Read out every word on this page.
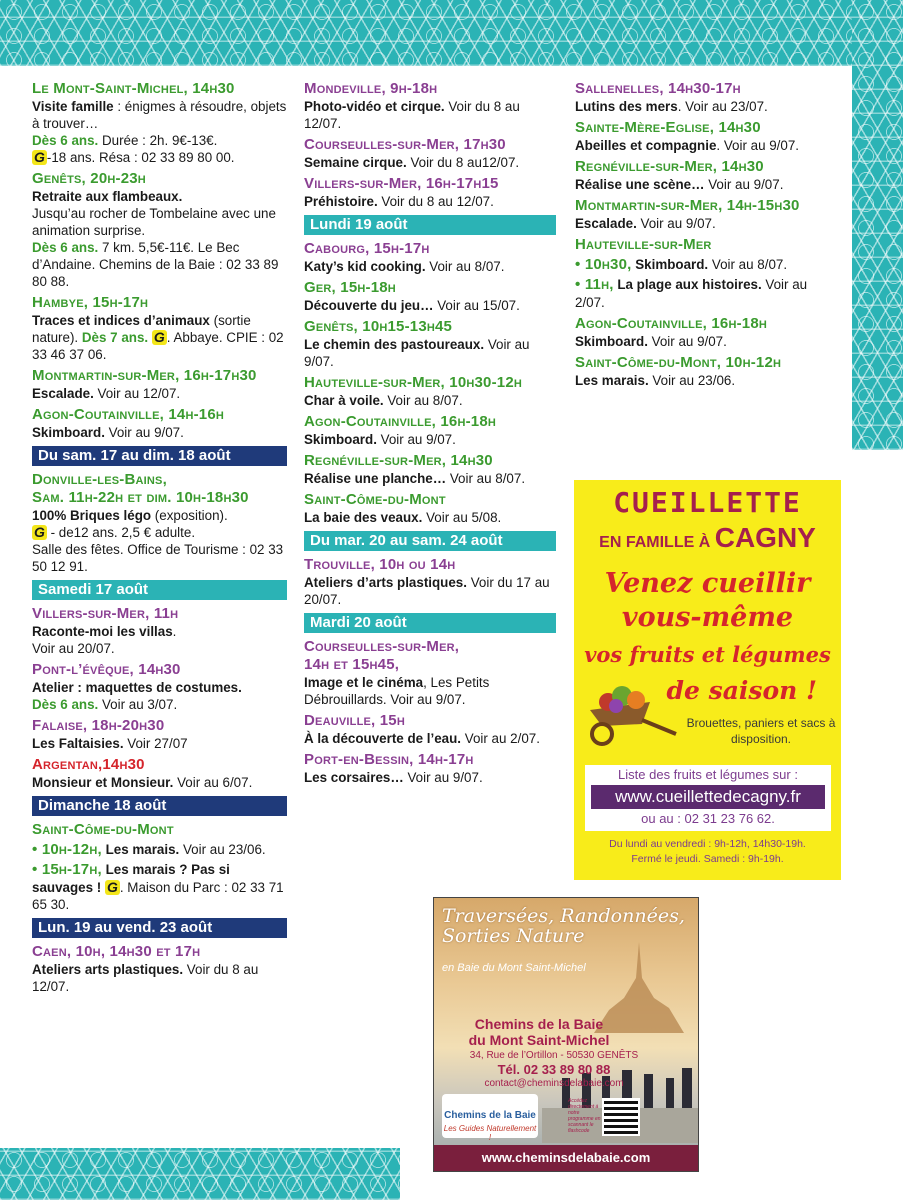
Le Mont-Saint-Michel, 14h30
Visite famille : énigmes à résoudre, objets à trouver…
Dès 6 ans. Durée : 2h. 9€-13€.
G -18 ans. Résa : 02 33 89 80 00.
Genêts, 20h-23h
Retraite aux flambeaux.
Jusqu’au rocher de Tombelaine avec une animation surprise.
Dès 6 ans. 7 km. 5,5€-11€. Le Bec d’Andaine. Chemins de la Baie : 02 33 89 80 88.
Hambye, 15h-17h
Traces et indices d’animaux (sortie nature). Dès 7 ans. G . Abbaye. CPIE : 02 33 46 37 06.
Montmartin-sur-Mer, 16h-17h30
Escalade. Voir au 12/07.
Agon-Coutainville, 14h-16h
Skimboard. Voir au 9/07.
Du sam. 17 au dim. 18 août
Donville-les-Bains,
Sam. 11h-22h et dim. 10h-18h30
100% Briques légo (exposition).
G - de12 ans. 2,5 € adulte.
Salle des fêtes. Office de Tourisme : 02 33 50 12 91.
Samedi 17 août
Villers-sur-Mer, 11h
Raconte-moi les villas.
Voir au 20/07.
Pont-l’évêque, 14h30
Atelier : maquettes de costumes.
Dès 6 ans. Voir au 3/07.
Falaise, 18h-20h30
Les Faltaisies. Voir 27/07
Argentan,14h30
Monsieur et Monsieur. Voir au 6/07.
Dimanche 18 août
Saint-Côme-du-Mont
• 10h-12h, Les marais. Voir au 23/06.
• 15h-17h, Les marais ? Pas si sauvages ! G . Maison du Parc : 02 33 71 65 30.
Lun. 19 au vend. 23 août
Caen, 10h, 14h30 et 17h
Ateliers arts plastiques. Voir du 8 au 12/07.
Mondeville, 9h-18h
Photo-vidéo et cirque. Voir du 8 au 12/07.
Courseulles-sur-Mer, 17h30
Semaine cirque. Voir du 8 au12/07.
Villers-sur-Mer, 16h-17h15
Préhistoire. Voir du 8 au 12/07.
Lundi 19 août
Cabourg, 15h-17h
Katy’s kid cooking. Voir au 8/07.
Ger, 15h-18h
Découverte du jeu… Voir au 15/07.
Genêts, 10h15-13h45
Le chemin des pastoureaux. Voir au 9/07.
Hauteville-sur-Mer, 10h30-12h
Char à voile. Voir au 8/07.
Agon-Coutainville, 16h-18h
Skimboard. Voir au 9/07.
Regnéville-sur-Mer, 14h30
Réalise une planche… Voir au 8/07.
Saint-Côme-du-Mont
La baie des veaux. Voir au 5/08.
Du mar. 20 au sam. 24 août
Trouville, 10h ou 14h
Ateliers d’arts plastiques. Voir du 17 au 20/07.
Mardi 20 août
Courseulles-sur-Mer,
14h et 15h45,
Image et le cinéma, Les Petits Débrouillards. Voir au 9/07.
Deauville, 15h
À la découverte de l’eau. Voir au 2/07.
Port-en-Bessin, 14h-17h
Les corsaires… Voir au 9/07.
Sallenelles, 14h30-17h
Lutins des mers. Voir au 23/07.
Sainte-Mère-Eglise, 14h30
Abeilles et compagnie. Voir au 9/07.
Regnéville-sur-Mer, 14h30
Réalise une scène… Voir au 9/07.
Montmartin-sur-Mer, 14h-15h30
Escalade. Voir au 9/07.
Hauteville-sur-Mer
• 10h30, Skimboard. Voir au 8/07.
• 11h, La plage aux histoires. Voir au 2/07.
Agon-Coutainville, 16h-18h
Skimboard. Voir au 9/07.
Saint-Côme-du-Mont, 10h-12h
Les marais. Voir au 23/06.
CUEILLETTE
EN FAMILLE À CAGNY
Venez cueillir
vous-même
vos fruits et légumes
de saison !
Brouettes, paniers et sacs à disposition.
Liste des fruits et légumes sur :
www.cueillettedecagny.fr
ou au : 02 31 23 76 62.
Du lundi au vendredi : 9h-12h, 14h30-19h.
Fermé le jeudi. Samedi : 9h-19h.
Traversées, Randonnées,
Sorties Nature
en Baie du Mont Saint-Michel
Chemins de la Baie
du Mont Saint-Michel
34, Rue de l’Ortillon - 50530 GENÊTS
Tél. 02 33 89 80 88
contact@cheminsdelabaie.com
Chemins de la Baie
Les Guides Naturellement !
Accédez directement à notre programme en scannant le flashcode
www.cheminsdelabaie.com
